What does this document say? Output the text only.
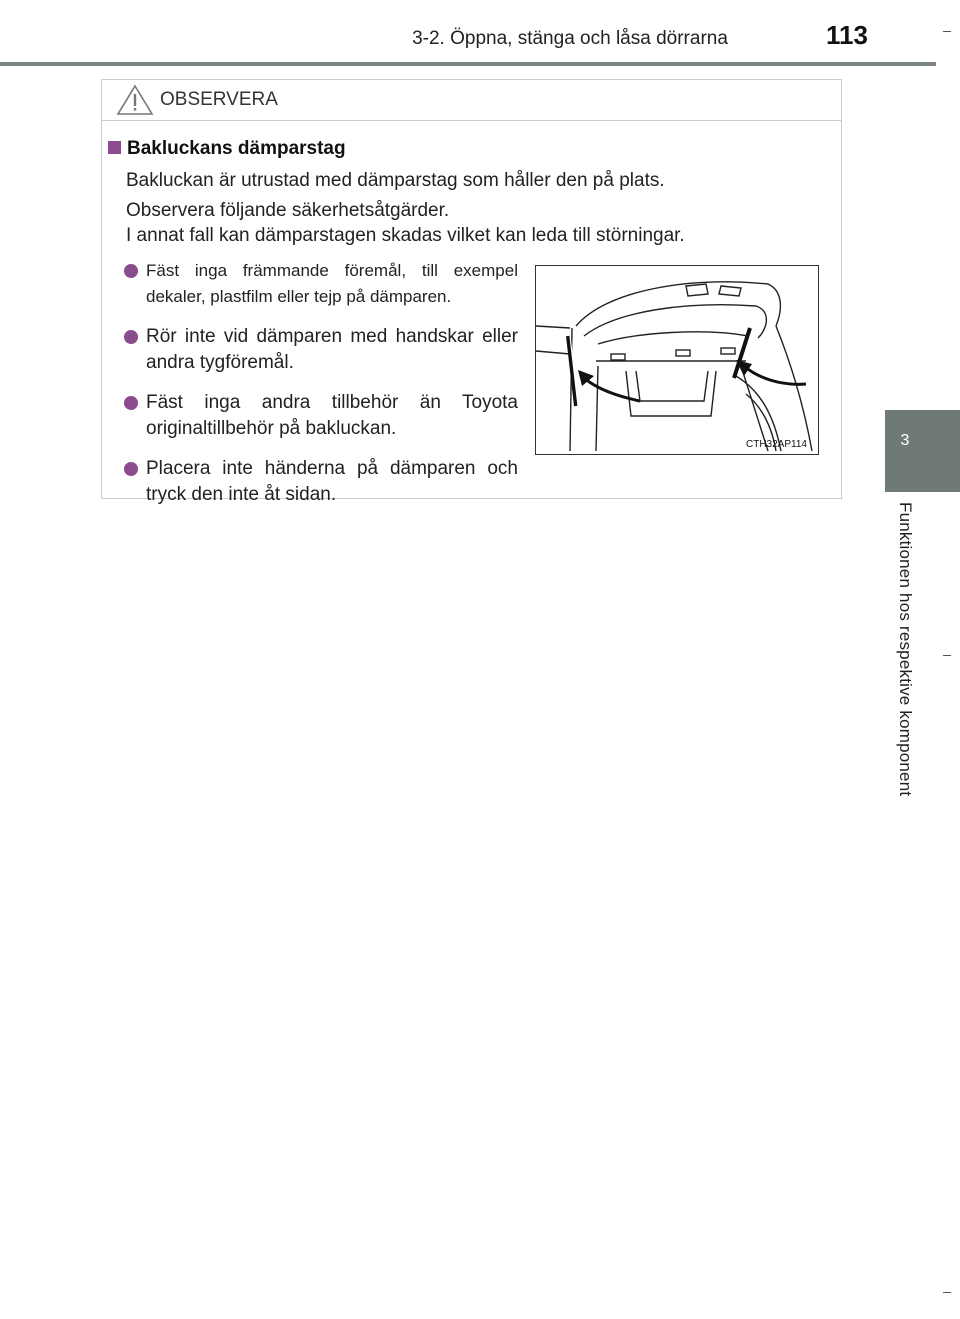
3-2. Öppna, stänga och låsa dörrarna	113
3
Funktionen hos respektive komponent
OBSERVERA
Bakluckans dämparstag
Bakluckan är utrustad med dämparstag som håller den på plats.
Observera följande säkerhetsåtgärder.
I annat fall kan dämparstagen skadas vilket kan leda till störningar.
Fäst inga främmande föremål, till exempel dekaler, plastfilm eller tejp på dämparen.
Rör inte vid dämparen med handskar eller andra tygföremål.
Fäst inga andra tillbehör än Toyota originaltillbehör på bakluckan.
Placera inte händerna på dämparen och tryck den inte åt sidan.
CTH32AP114
